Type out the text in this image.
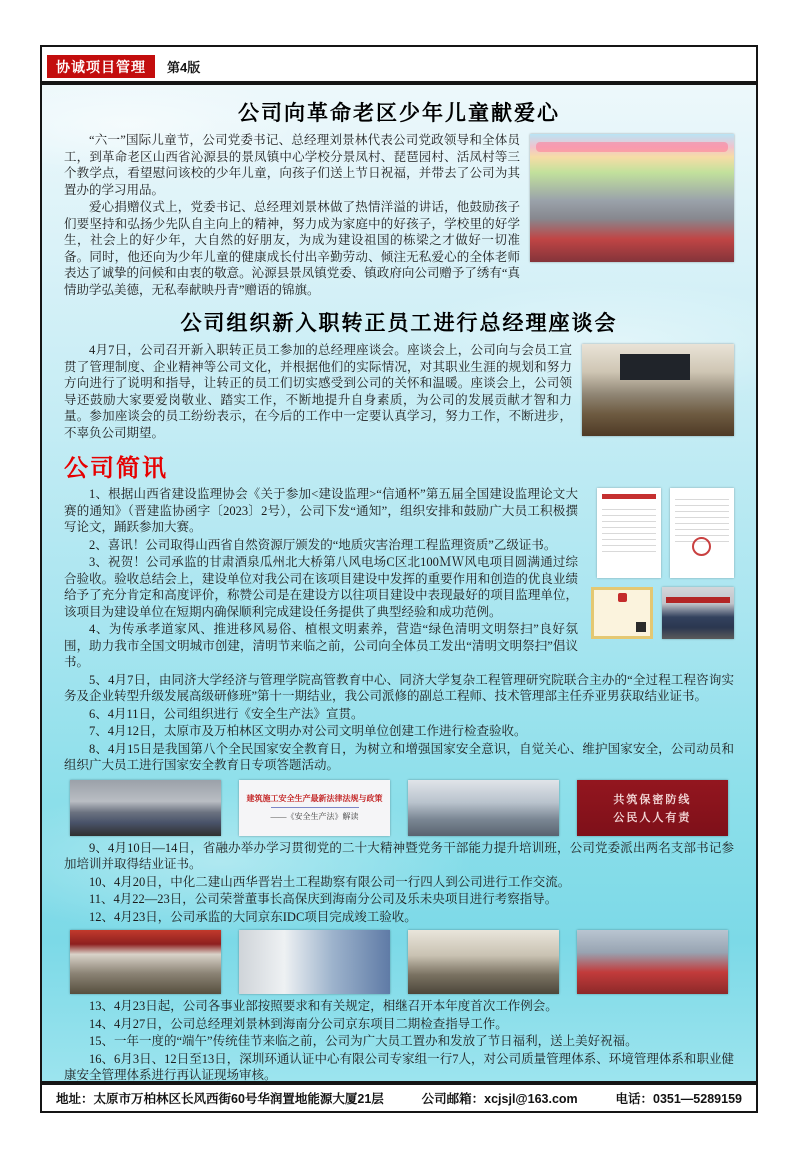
协诚项目管理	第4版
公司向革命老区少年儿童献爱心

“六一”国际儿童节，公司党委书记、总经理刘景林代表公司党政领导和全体员工，到革命老区山西省沁源县的景凤镇中心学校分景凤村、琵琶园村、活凤村等三个教学点，看望慰问该校的少年儿童，向孩子们送上节日祝福，并带去了公司为其置办的学习用品。

爱心捐赠仪式上，党委书记、总经理刘景林做了热情洋溢的讲话，他鼓励孩子们要坚持和弘扬少先队自主向上的精神，努力成为家庭中的好孩子，学校里的好学生，社会上的好少年，大自然的好朋友，为成为建设祖国的栋梁之才做好一切准备。同时，他还向为少年儿童的健康成长付出辛勤劳动、倾注无私爱心的全体老师表达了诚挚的问候和由衷的敬意。沁源县景凤镇党委、镇政府向公司赠予了绣有“真情助学弘美德，无私奉献映丹青”赠语的锦旗。

公司组织新入职转正员工进行总经理座谈会

4月7日，公司召开新入职转正员工参加的总经理座谈会。座谈会上，公司向与会员工宣贯了管理制度、企业精神等公司文化，并根据他们的实际情况，对其职业生涯的规划和努力方向进行了说明和指导，让转正的员工们切实感受到公司的关怀和温暖。座谈会上，公司领导还鼓励大家要爱岗敬业、踏实工作，不断地提升自身素质，为公司的发展贡献才智和力量。参加座谈会的员工纷纷表示，在今后的工作中一定要认真学习，努力工作，不断进步，不辜负公司期望。

公司简讯

1、根据山西省建设监理协会《关于参加<建设监理>“信通杯”第五届全国建设监理论文大赛的通知》（晋建监协函字〔2023〕2号），公司下发“通知”，组织安排和鼓励广大员工积极撰写论文，踊跃参加大赛。

2、喜讯！公司取得山西省自然资源厅颁发的“地质灾害治理工程监理资质”乙级证书。

3、祝贺！公司承监的甘肃酒泉瓜州北大桥第八风电场C区北100ＭＷ风电项目圆满通过综合验收。验收总结会上，建设单位对我公司在该项目建设中发挥的重要作用和创造的优良业绩给予了充分肯定和高度评价，称赞公司是在建设方以往项目建设中表现最好的项目监理单位，该项目为建设单位在短期内确保顺利完成建设任务提供了典型经验和成功范例。

4、为传承孝道家风、推进移风易俗、植根文明素养，营造“绿色清明文明祭扫”良好氛围，助力我市全国文明城市创建，清明节来临之前，公司向全体员工发出“清明文明祭扫”倡议书。

5、4月7日，由同济大学经济与管理学院高管教育中心、同济大学复杂工程管理研究院联合主办的“全过程工程咨询实务及企业转型升级发展高级研修班”第十一期结业，我公司派修的副总工程师、技术管理部主任乔亚男获取结业证书。

6、4月11日，公司组织进行《安全生产法》宣贯。

7、4月12日，太原市及万柏林区文明办对公司文明单位创建工作进行检查验收。

8、4月15日是我国第八个全民国家安全教育日，为树立和增强国家安全意识，自觉关心、维护国家安全，公司动员和组织广大员工进行国家安全教育日专项答题活动。

建筑施工安全生产最新法律法规与政策
——《安全生产法》解读
共筑保密防线
公民人人有责

9、4月10日—14日，省融办举办学习贯彻党的二十大精神暨党务干部能力提升培训班，公司党委派出两名支部书记参加培训并取得结业证书。

10、4月20日，中化二建山西华晋岩土工程勘察有限公司一行四人到公司进行工作交流。

11、4月22—23日，公司荣誉董事长高保庆到海南分公司及乐未央项目进行考察指导。

12、4月23日，公司承监的大同京东IDC项目完成竣工验收。

13、4月23日起，公司各事业部按照要求和有关规定，相继召开本年度首次工作例会。

14、4月27日，公司总经理刘景林到海南分公司京东项目二期检查指导工作。

15、一年一度的“端午”传统佳节来临之前，公司为广大员工置办和发放了节日福利，送上美好祝福。

16、6月3日、12日至13日，深圳环通认证中心有限公司专家组一行7人，对公司质量管理体系、环境管理体系和职业健康安全管理体系进行再认证现场审核。

地址：太原市万柏林区长风西街60号华润置地能源大厦21层	公司邮箱：xcjsjl@163.com	电话：0351—5289159
